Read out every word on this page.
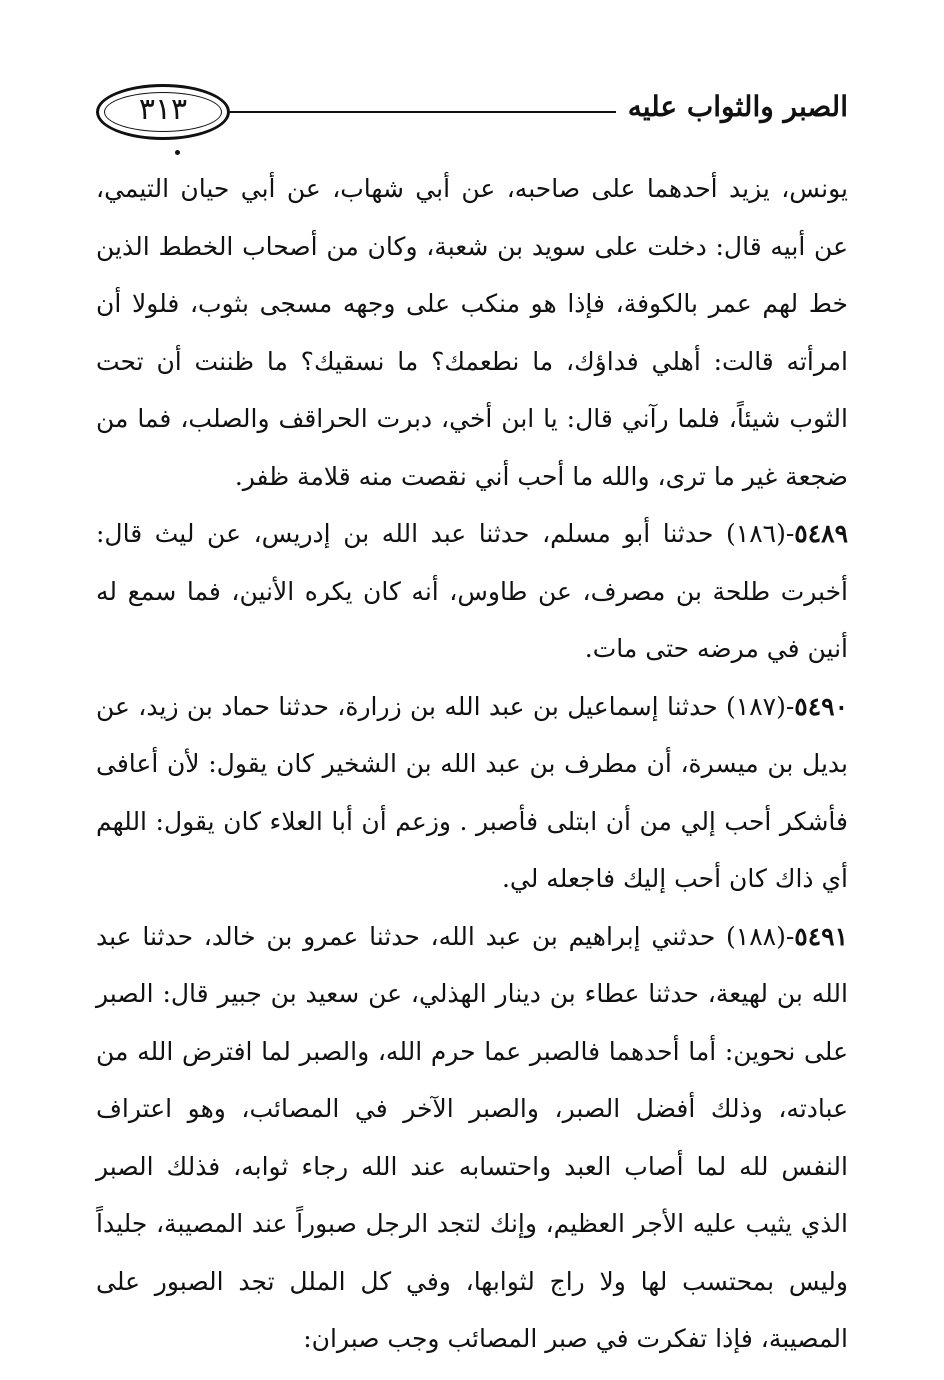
٣١٣	الصبر والثواب عليه

يونس، يزيد أحدهما على صاحبه، عن أبي شهاب، عن أبي حيان التيمي، عن أبيه قال: دخلت على سويد بن شعبة، وكان من أصحاب الخطط الذين خط لهم عمر بالكوفة، فإذا هو منكب على وجهه مسجى بثوب، فلولا أن امرأته قالت: أهلي فداؤك، ما نطعمك؟ ما نسقيك؟ ما ظننت أن تحت الثوب شيئاً، فلما رآني قال: يا ابن أخي، دبرت الحراقف والصلب، فما من ضجعة غير ما ترى، والله ما أحب أني نقصت منه قلامة ظفر.

٥٤٨٩-(١٨٦) حدثنا أبو مسلم، حدثنا عبد الله بن إدريس، عن ليث قال: أخبرت طلحة بن مصرف، عن طاوس، أنه كان يكره الأنين، فما سمع له أنين في مرضه حتى مات.

٥٤٩٠-(١٨٧) حدثنا إسماعيل بن عبد الله بن زرارة، حدثنا حماد بن زيد، عن بديل بن ميسرة، أن مطرف بن عبد الله بن الشخير كان يقول: لأن أعافى فأشكر أحب إلي من أن ابتلى فأصبر . وزعم أن أبا العلاء كان يقول: اللهم أي ذاك كان أحب إليك فاجعله لي.

٥٤٩١-(١٨٨) حدثني إبراهيم بن عبد الله، حدثنا عمرو بن خالد، حدثنا عبد الله بن لهيعة، حدثنا عطاء بن دينار الهذلي، عن سعيد بن جبير قال: الصبر على نحوين: أما أحدهما فالصبر عما حرم الله، والصبر لما افترض الله من عبادته، وذلك أفضل الصبر، والصبر الآخر في المصائب، وهو اعتراف النفس لله لما أصاب العبد واحتسابه عند الله رجاء ثوابه، فذلك الصبر الذي يثيب عليه الأجر العظيم، وإنك لتجد الرجل صبوراً عند المصيبة، جليداً وليس بمحتسب لها ولا راج لثوابها، وفي كل الملل تجد الصبور على المصيبة، فإذا تفكرت في صبر المصائب وجب صبران:
